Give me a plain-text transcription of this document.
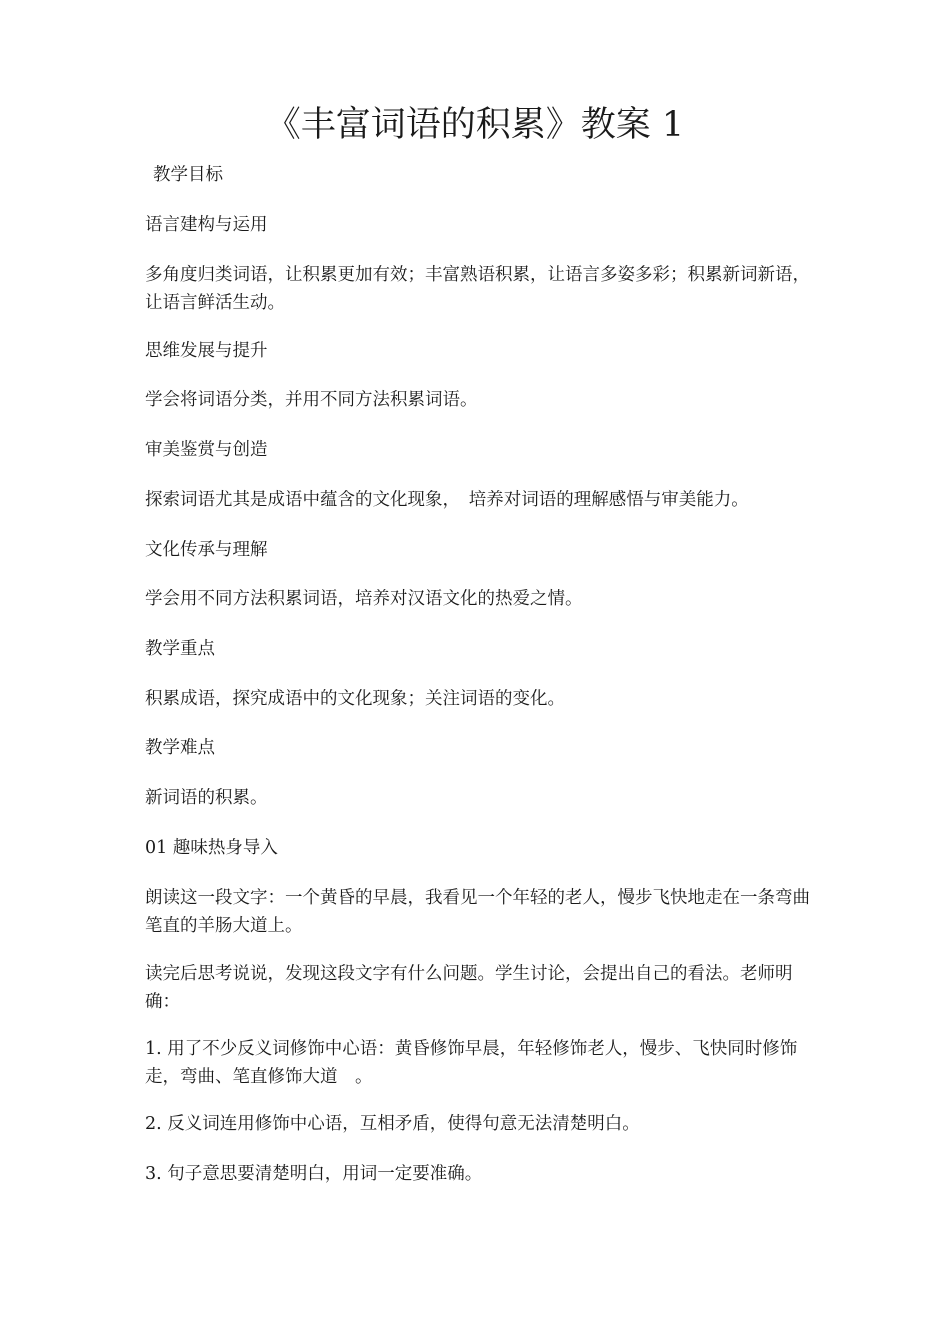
《丰富词语的积累》教案 1

教学目标

语言建构与运用

多角度归类词语，让积累更加有效；丰富熟语积累，让语言多姿多彩；积累新词新语，让语言鲜活生动。

思维发展与提升

学会将词语分类，并用不同方法积累词语。

审美鉴赏与创造

探索词语尤其是成语中蕴含的文化现象，　培养对词语的理解感悟与审美能力。

文化传承与理解

学会用不同方法积累词语，培养对汉语文化的热爱之情。

教学重点

积累成语，探究成语中的文化现象；关注词语的变化。

教学难点

新词语的积累。

01 趣味热身导入

朗读这一段文字：一个黄昏的早晨，我看见一个年轻的老人，慢步飞快地走在一条弯曲笔直的羊肠大道上。

读完后思考说说，发现这段文字有什么问题。学生讨论，会提出自己的看法。老师明确：

1. 用了不少反义词修饰中心语：黄昏修饰早晨，年轻修饰老人，慢步、飞快同时修饰走，弯曲、笔直修饰大道　。

2. 反义词连用修饰中心语，互相矛盾，使得句意无法清楚明白。

3. 句子意思要清楚明白，用词一定要准确。
